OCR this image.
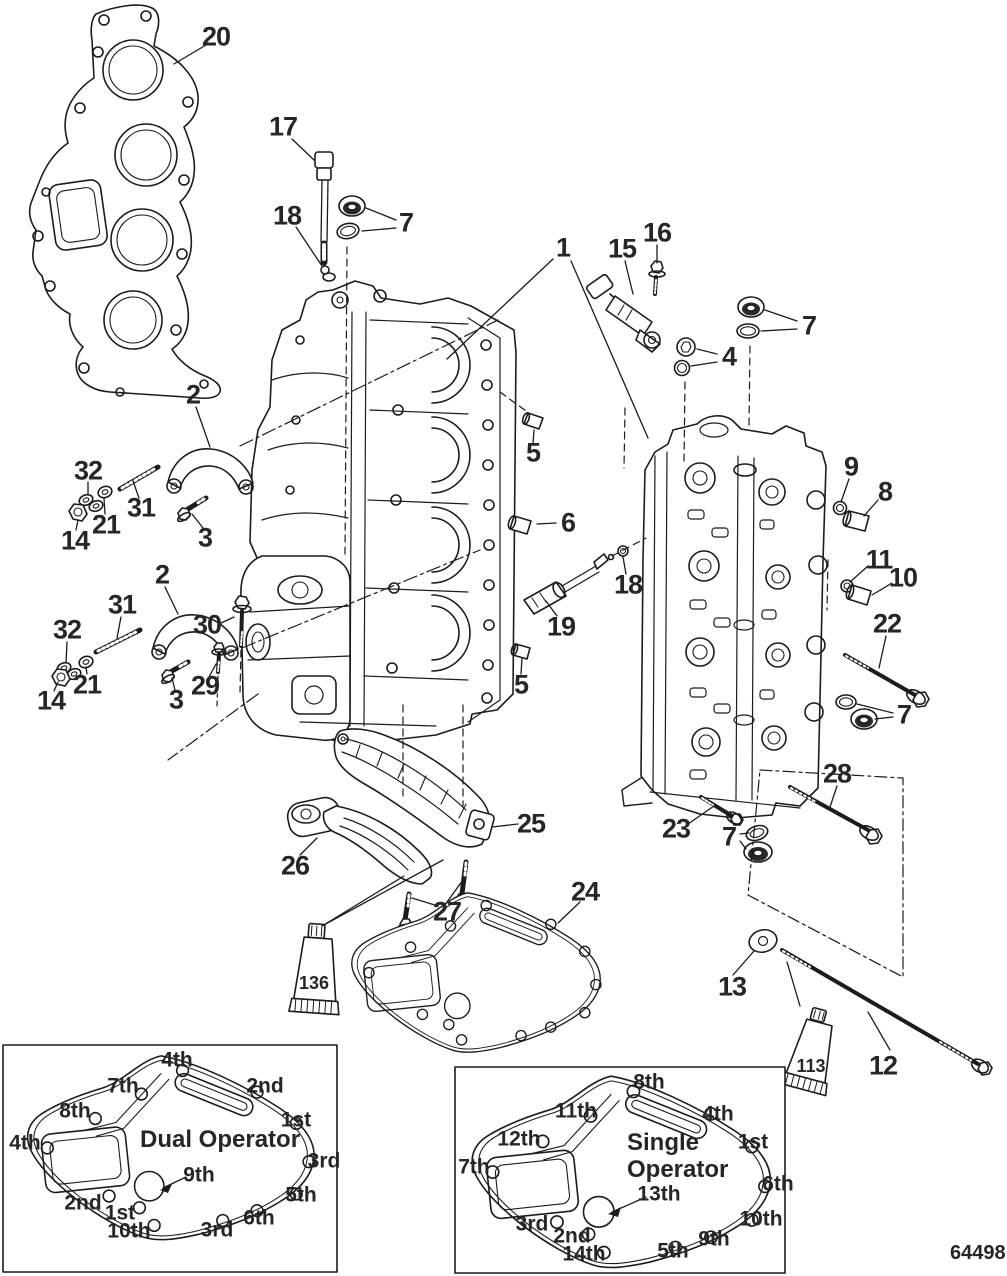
20
17
18	7
1 15
16
4
7
2
5
32	9
8
31
21	6
14	3
11
2	10
18
31
30	22
19
32
21	29	5
3
14	7
28
25	23 7
26
24
27
13
136
113 12
4th
7th	2nd
8th	1st
4th
3rd
9th
5th
2nd 1st	6th
10th 3rd
8th
11th	4th
12th	1st
7th
13th	6th
3rd
2nd
10th
9th
14th 5th
Dual Operator	Single
Operator
64498
